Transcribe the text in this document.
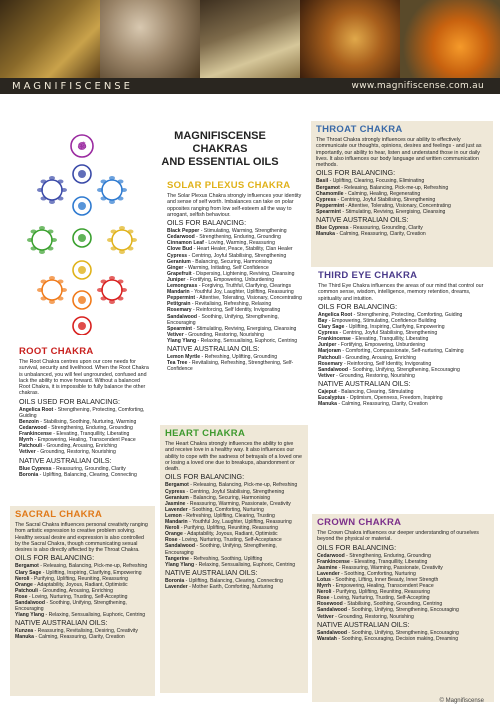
MAGNIFISCENSE	www.magnifiscense.com.au
MAGNIFISCENSE CHAKRAS
AND ESSENTIAL OILS
ॐ
ROOT CHAKRA
The Root Chakra centres upon our core needs for survival, security and livelihood. When the Root Chakra is unbalanced, you will feel ungrounded, confused and lack the ability to move forward. Without a balanced Root Chakra, it is impossible to fully balance the other chakras.
OILS USED FOR BALANCING:
Angelica Root - Strengthening, Protecting, Comforting, Guiding
Benzoin - Stabilising, Soothing, Nurturing, Warming
Cedarwood - Strengthening, Enduring, Grounding
Frankincense - Elevating, Tranquillity, Liberating
Myrrh - Empowering, Healing, Transcendent Peace
Patchouli - Grounding, Arousing, Enriching
Vetiver - Grounding, Restoring, Nourishing
NATIVE AUSTRALIAN OILS:
Blue Cypress - Reassuring, Grounding, Clarity
Boronia - Uplifting, Balancing, Clearing, Connecting
SACRAL CHAKRA
The Sacral Chakra influences personal creativity ranging from artistic expression to creative problem solving. Healthy sexual desire and expression is also controlled by the Sacral Chakra, though communicating sexual desires is also directly affected by the Throat Chakra.
OILS FOR BALANCING:
Bergamot - Releasing, Balancing, Pick-me-up, Refreshing
Clary Sage - Uplifting, Inspiring, Clarifying, Empowering
Neroli - Purifying, Uplifting, Reuniting, Reassuring
Orange - Adaptability, Joyous, Radiant, Optimistic
Patchouli - Grounding, Arousing, Enriching
Rose - Loving, Nurturing, Trusting, Self-Accepting
Sandalwood - Soothing, Unifying, Strengthening, Encouraging
Ylang Ylang - Relaxing, Sensualising, Euphoric, Centring
NATIVE AUSTRALIAN OILS:
Kunzea - Reassuring, Revitalising, Desiring, Creativity
Manuka - Calming, Reassuring, Clarity, Creation
SOLAR PLEXUS CHAKRA
The Solar Plexus Chakra strongly influences your identity and sense of self worth. Imbalances can take on polar opposites ranging from low self-esteem all the way to arrogant, selfish behaviour.
OILS FOR BALANCING:
Black Pepper - Stimulating, Warming, Strengthening
Cedarwood - Strengthening, Enduring, Grounding
Cinnamon Leaf - Loving, Warming, Reassuring
Clove Bud - Heart Healer, Peace, Stability, Clan Healer
Cypress - Centring, Joyful Stabilising, Strengthening
Geranium - Balancing, Securing, Harmonising
Ginger - Warming, Initiating, Self Confidence
Grapefruit - Dispersing, Lightening, Reviving, Cleansing
Juniper - Fortifying, Empowering, Unburdening
Lemongrass - Forgiving, Truthful, Clarifying, Clearings
Mandarin - Youthful Joy, Laughter, Uplifting, Reassuring
Peppermint - Attentive, Tolerating, Visionary, Concentrating
Petitgrain - Revitalising, Refreshing, Relaxing
Rosemary - Reinforcing, Self Identity, Invigorating
Sandalwood - Soothing, Unifying, Strengthening, Encouraging
Spearmint - Stimulating, Reviving, Energising, Cleansing
Vetiver - Grounding, Restoring, Nourishing
Ylang Ylang - Relaxing, Sensualising, Euphoric, Centring
NATIVE AUSTRALIAN OILS:
Lemon Myrtle - Refreshing, Uplifting, Grounding
Tea Tree - Revitalising, Refreshing, Strengthening, Self-Confidence
HEART CHAKRA
The Heart Chakra strongly influences the ability to give and receive love in a healthy way. It also influences our ability to cope with the sadness of betrayals of a loved one or losing a loved one due to breakups, abandonment or death.
OILS FOR BALANCING:
Bergamot - Releasing, Balancing, Pick-me-up, Refreshing
Cypress - Centring, Joyful Stabilising, Strengthening
Geranium - Balancing, Securing, Harmonising
Jasmine - Reassuring, Warming, Passionate, Creativity
Lavender - Soothing, Comforting, Nurturing
Lemon - Refreshing, Uplifting, Clearing, Trusting
Mandarin - Youthful Joy, Laughter, Uplifting, Reassuring
Neroli - Purifying, Uplifting, Reuniting, Reassuring
Orange - Adaptability, Joyous, Radiant, Optimistic
Rose - Loving, Nurturing, Trusting, Self-Acceptance
Sandalwood - Soothing, Unifying, Strengthening, Encouraging
Tangerine - Refreshing, Soothing, Uplifting
Ylang Ylang - Relaxing, Sensualising, Euphoric, Centring
NATIVE AUSTRALIAN OILS:
Boronia - Uplifting, Balancing, Clearing, Connecting
Lavender - Mother Earth, Comforting, Nurturing
THROAT CHAKRA
The Throat Chakra strongly influences our ability to effectively communicate our thoughts, opinions, desires and feelings - and just as importantly, our ability to hear, listen and understand those in our daily lives. It also influences our body language and written communication methods.
OILS FOR BALANCING:
Basil - Uplifting, Clearing, Focusing, Eliminating
Bergamot - Releasing, Balancing, Pick-me-up, Refreshing
Chamomile - Calming, Healing, Regenerating
Cypress - Centring, Joyful Stabilising, Strengthening
Peppermint - Attentive, Tolerating, Visionary, Concentrating
Spearmint - Stimulating, Reviving, Energising, Cleansing
NATIVE AUSTRALIAN OILS:
Blue Cypress - Reassuring, Grounding, Clarity
Manuka - Calming, Reassuring, Clarity, Creation
THIRD EYE CHAKRA
The Third Eye Chakra influences the areas of our mind that control our common sense, wisdom, intelligence, memory retention, dreams, spirituality and intuition.
OILS FOR BALANCING:
Angelica Root - Strengthening, Protecting, Comforting, Guiding
Bay - Empowering, Stimulating, Confidence Building
Clary Sage - Uplifting, Inspiring, Clarifying, Empowering
Cypress - Centring, Joyful Stabilising, Strengthening
Frankincense - Elevating, Tranquillity, Liberating
Juniper - Fortifying, Empowering, Unburdening
Marjoram - Comforting, Compassionate, Self-nurturing, Calming
Patchouli - Grounding, Arousing, Enriching
Rosemary - Reinforcing, Self Identity, Invigorating
Sandalwood - Soothing, Unifying, Strengthening, Encouraging
Vetiver - Grounding, Restoring, Nourishing
NATIVE AUSTRALIAN OILS:
Cajeput - Balancing, Clearing, Stimulating
Eucalyptus - Optimism, Openness, Freedom, Inspiring
Manuka - Calming, Reassuring, Clarity, Creation
CROWN CHAKRA
The Crown Chakra influences our deeper understanding of ourselves beyond the physical or material.
OILS FOR BALANCING:
Cedarwood - Strengthening, Enduring, Grounding
Frankincense - Elevating, Tranquillity, Liberating
Jasmine - Reassuring, Warming, Passionate, Creativity
Lavender - Soothing, Comforting, Nurturing
Lotus - Soothing, Lifting, Inner Beauty, Inner Strength
Myrrh - Empowering, Healing, Transcendent Peace
Neroli - Purifying, Uplifting, Reuniting, Reassuring
Rose - Loving, Nurturing, Trusting, Self-Accepting
Rosewood - Stabilising, Soothing, Grounding, Centring
Sandalwood - Soothing, Unifying, Strengthening, Encouraging
Vetiver - Grounding, Restoring, Nourishing
NATIVE AUSTRALIAN OILS:
Sandalwood - Soothing, Unifying, Strengthening, Encouraging
Waratah - Soothing, Encouraging, Decision making, Dreaming
© Magnifiscense
